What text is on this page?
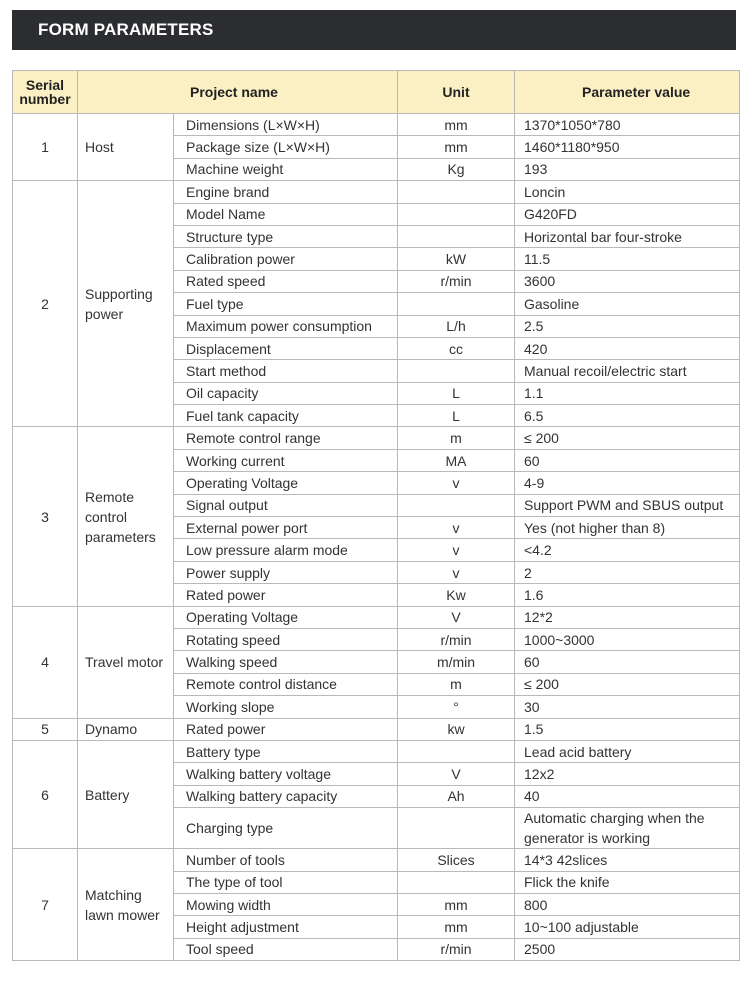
FORM PARAMETERS
Serial number	Project name		Unit	Parameter value
1	Host	Dimensions (L×W×H)	mm	1370*1050*780
		Package size (L×W×H)	mm	1460*1180*950
		Machine weight	Kg	193
2	Supporting power	Engine brand		Loncin
		Model Name		G420FD
		Structure type		Horizontal bar four-stroke
		Calibration power	kW	11.5
		Rated speed	r/min	3600
		Fuel type		Gasoline
		Maximum power consumption	L/h	2.5
		Displacement	cc	420
		Start method		Manual recoil/electric start
		Oil capacity	L	1.1
		Fuel tank capacity	L	6.5
3	Remote control parameters	Remote control range	m	≤ 200
		Working current	MA	60
		Operating Voltage	v	4-9
		Signal output		Support PWM and SBUS output
		External power port	v	Yes (not higher than 8)
		Low pressure alarm mode	v	<4.2
		Power supply	v	2
		Rated power	Kw	1.6
4	Travel motor	Operating Voltage	V	12*2
		Rotating speed	r/min	1000~3000
		Walking speed	m/min	60
		Remote control distance	m	≤ 200
		Working slope	°	30
5	Dynamo	Rated power	kw	1.5
6	Battery	Battery type		Lead acid battery
		Walking battery voltage	V	12x2
		Walking battery capacity	Ah	40
		Charging type		Automatic charging when the generator is working
7	Matching lawn mower	Number of tools	Slices	14*3 42slices
		The type of tool		Flick the knife
		Mowing width	mm	800
		Height adjustment	mm	10~100 adjustable
		Tool speed	r/min	2500
